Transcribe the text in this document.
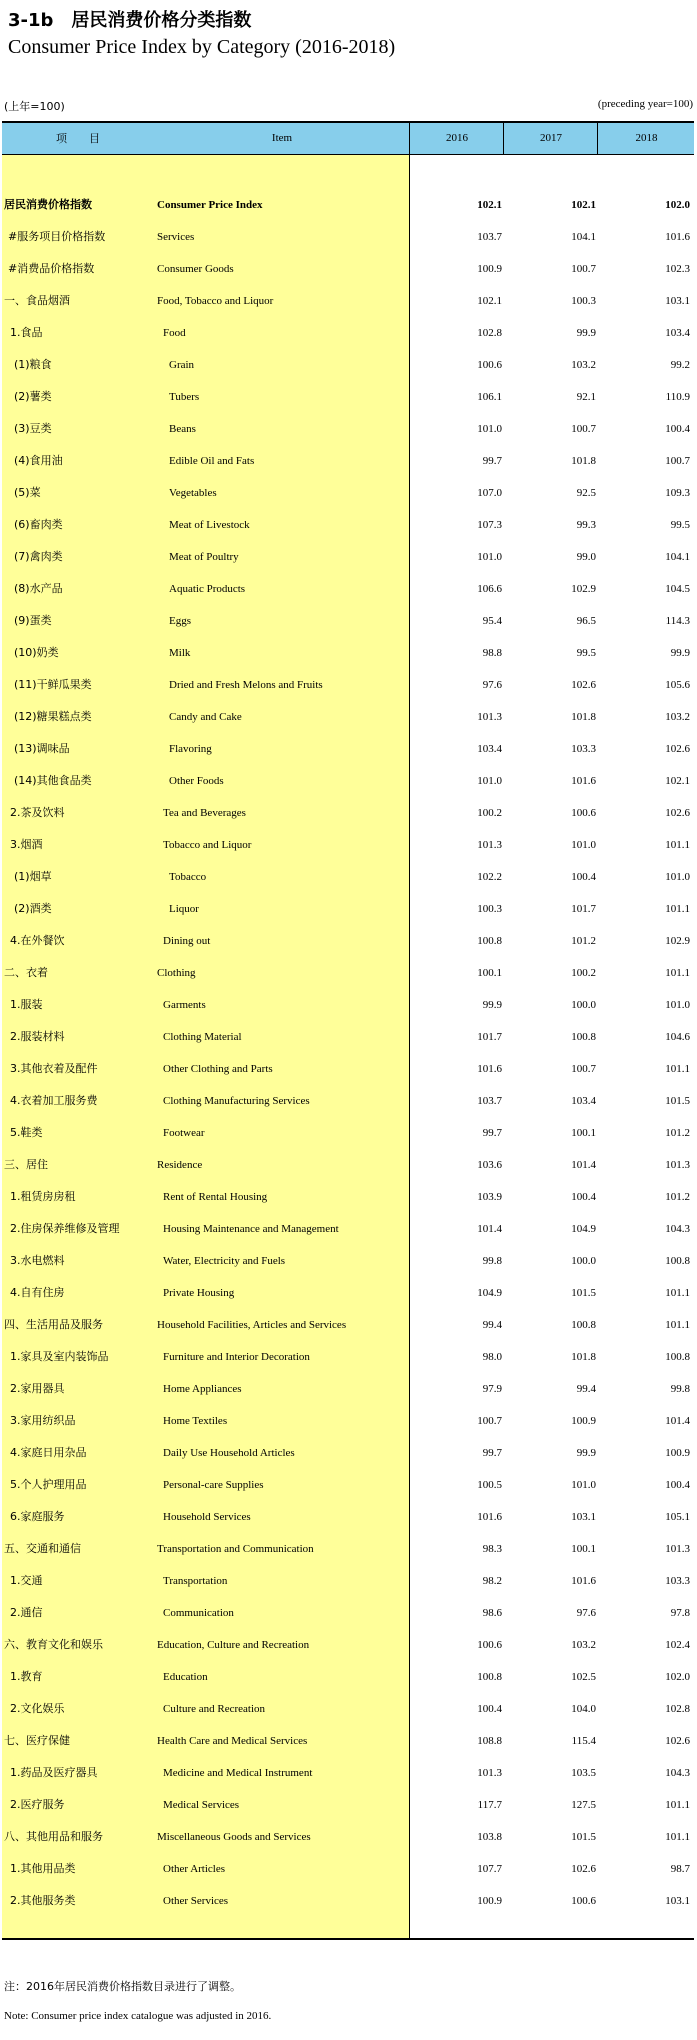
3-1b 居民消费价格分类指数
Consumer Price Index by Category (2016-2018)
(上年=100)	(preceding year=100)
项　　目	Item	2016	2017	2018
居民消费价格指数	Consumer Price Index	102.1	102.1	102.0
#服务项目价格指数	Services	103.7	104.1	101.6
#消费品价格指数	Consumer Goods	100.9	100.7	102.3
一、食品烟酒	Food, Tobacco and Liquor	102.1	100.3	103.1
1.食品	Food	102.8	99.9	103.4
(1)粮食	Grain	100.6	103.2	99.2
(2)薯类	Tubers	106.1	92.1	110.9
(3)豆类	Beans	101.0	100.7	100.4
(4)食用油	Edible Oil and Fats	99.7	101.8	100.7
(5)菜	Vegetables	107.0	92.5	109.3
(6)畜肉类	Meat of Livestock	107.3	99.3	99.5
(7)禽肉类	Meat of Poultry	101.0	99.0	104.1
(8)水产品	Aquatic Products	106.6	102.9	104.5
(9)蛋类	Eggs	95.4	96.5	114.3
(10)奶类	Milk	98.8	99.5	99.9
(11)干鲜瓜果类	Dried and Fresh Melons and Fruits	97.6	102.6	105.6
(12)糖果糕点类	Candy and Cake	101.3	101.8	103.2
(13)调味品	Flavoring	103.4	103.3	102.6
(14)其他食品类	Other Foods	101.0	101.6	102.1
2.茶及饮料	Tea and Beverages	100.2	100.6	102.6
3.烟酒	Tobacco and Liquor	101.3	101.0	101.1
(1)烟草	Tobacco	102.2	100.4	101.0
(2)酒类	Liquor	100.3	101.7	101.1
4.在外餐饮	Dining out	100.8	101.2	102.9
二、衣着	Clothing	100.1	100.2	101.1
1.服装	Garments	99.9	100.0	101.0
2.服装材料	Clothing Material	101.7	100.8	104.6
3.其他衣着及配件	Other Clothing and Parts	101.6	100.7	101.1
4.衣着加工服务费	Clothing Manufacturing Services	103.7	103.4	101.5
5.鞋类	Footwear	99.7	100.1	101.2
三、居住	Residence	103.6	101.4	101.3
1.租赁房房租	Rent of Rental Housing	103.9	100.4	101.2
2.住房保养维修及管理	Housing Maintenance and Management	101.4	104.9	104.3
3.水电燃料	Water, Electricity and Fuels	99.8	100.0	100.8
4.自有住房	Private Housing	104.9	101.5	101.1
四、生活用品及服务	Household Facilities, Articles and Services	99.4	100.8	101.1
1.家具及室内装饰品	Furniture and Interior Decoration	98.0	101.8	100.8
2.家用器具	Home Appliances	97.9	99.4	99.8
3.家用纺织品	Home Textiles	100.7	100.9	101.4
4.家庭日用杂品	Daily Use Household Articles	99.7	99.9	100.9
5.个人护理用品	Personal-care Supplies	100.5	101.0	100.4
6.家庭服务	Household Services	101.6	103.1	105.1
五、交通和通信	Transportation and Communication	98.3	100.1	101.3
1.交通	Transportation	98.2	101.6	103.3
2.通信	Communication	98.6	97.6	97.8
六、教育文化和娱乐	Education, Culture and Recreation	100.6	103.2	102.4
1.教育	Education	100.8	102.5	102.0
2.文化娱乐	Culture and Recreation	100.4	104.0	102.8
七、医疗保健	Health Care and Medical Services	108.8	115.4	102.6
1.药品及医疗器具	Medicine and Medical Instrument	101.3	103.5	104.3
2.医疗服务	Medical Services	117.7	127.5	101.1
八、其他用品和服务	Miscellaneous Goods and Services	103.8	101.5	101.1
1.其他用品类	Other Articles	107.7	102.6	98.7
2.其他服务类	Other Services	100.9	100.6	103.1
注：2016年居民消费价格指数目录进行了调整。
Note: Consumer price index catalogue was adjusted in 2016.
